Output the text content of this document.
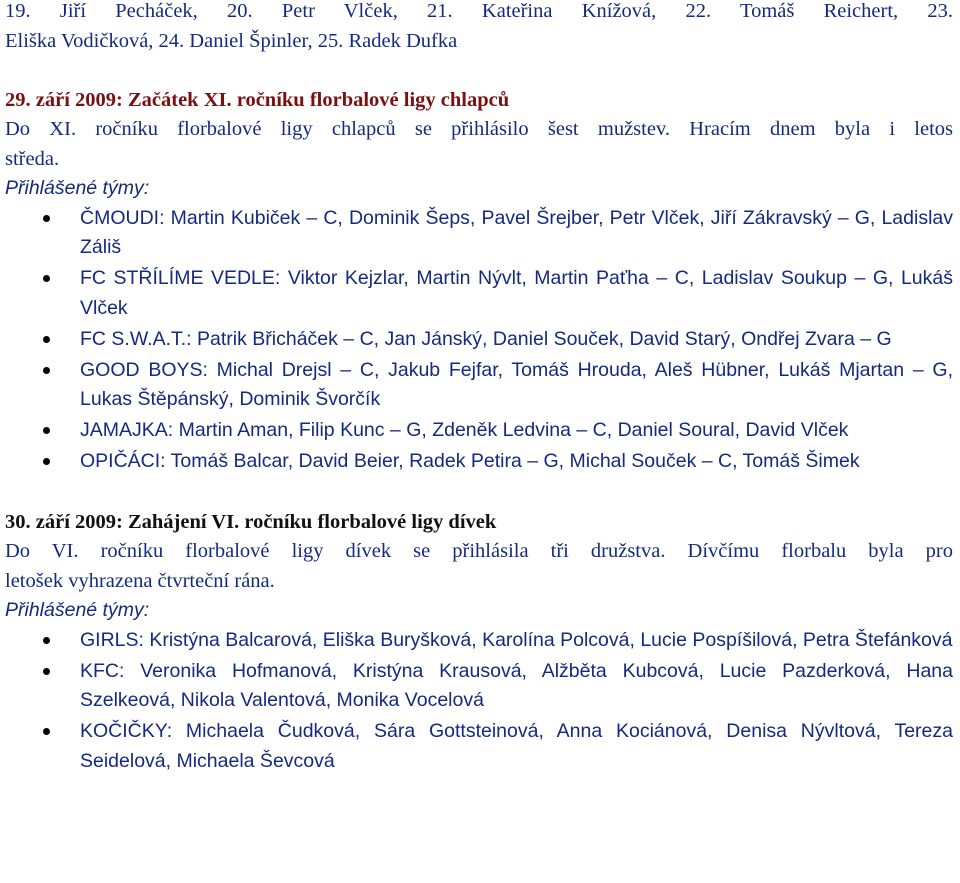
19. Jiří Pecháček, 20. Petr Vlček, 21. Kateřina Knížová, 22. Tomáš Reichert, 23.
Eliška Vodičková, 24. Daniel Špinler, 25. Radek Dufka
29. září 2009: Začátek XI. ročníku florbalové ligy chlapců
Do XI. ročníku florbalové ligy chlapců se přihlásilo šest mužstev. Hracím dnem byla i letos
středa.
Přihlášené týmy:
ČMOUDI: Martin Kubiček – C, Dominik Šeps, Pavel Šrejber, Petr Vlček, Jiří Zákravský – G, Ladislav Záliš
FC STŘÍLÍME VEDLE: Viktor Kejzlar, Martin Nývlt, Martin Paťha – C, Ladislav Soukup – G, Lukáš Vlček
FC S.W.A.T.: Patrik Břicháček – C, Jan Jánský, Daniel Souček, David Starý, Ondřej Zvara – G
GOOD BOYS: Michal Drejsl – C, Jakub Fejfar, Tomáš Hrouda, Aleš Hübner, Lukáš Mjartan – G, Lukas Štěpánský, Dominik Švorčík
JAMAJKA: Martin Aman, Filip Kunc – G, Zdeněk Ledvina – C, Daniel Soural, David Vlček
OPIČÁCI: Tomáš Balcar, David Beier, Radek Petira – G, Michal Souček – C, Tomáš Šimek
30. září 2009: Zahájení VI. ročníku florbalové ligy dívek
Do VI. ročníku florbalové ligy dívek se přihlásila tři družstva. Dívčímu florbalu byla pro
letošek vyhrazena čtvrteční rána.
Přihlášené týmy:
GIRLS: Kristýna Balcarová, Eliška Buryšková, Karolína Polcová, Lucie Pospíšilová, Petra Štefánková
KFC: Veronika Hofmanová, Kristýna Krausová, Alžběta Kubcová, Lucie Pazderková, Hana Szelkeová, Nikola Valentová, Monika Vocelová
KOČIČKY: Michaela Čudková, Sára Gottsteinová, Anna Kociánová, Denisa Nývltová, Tereza Seidelová, Michaela Ševcová
